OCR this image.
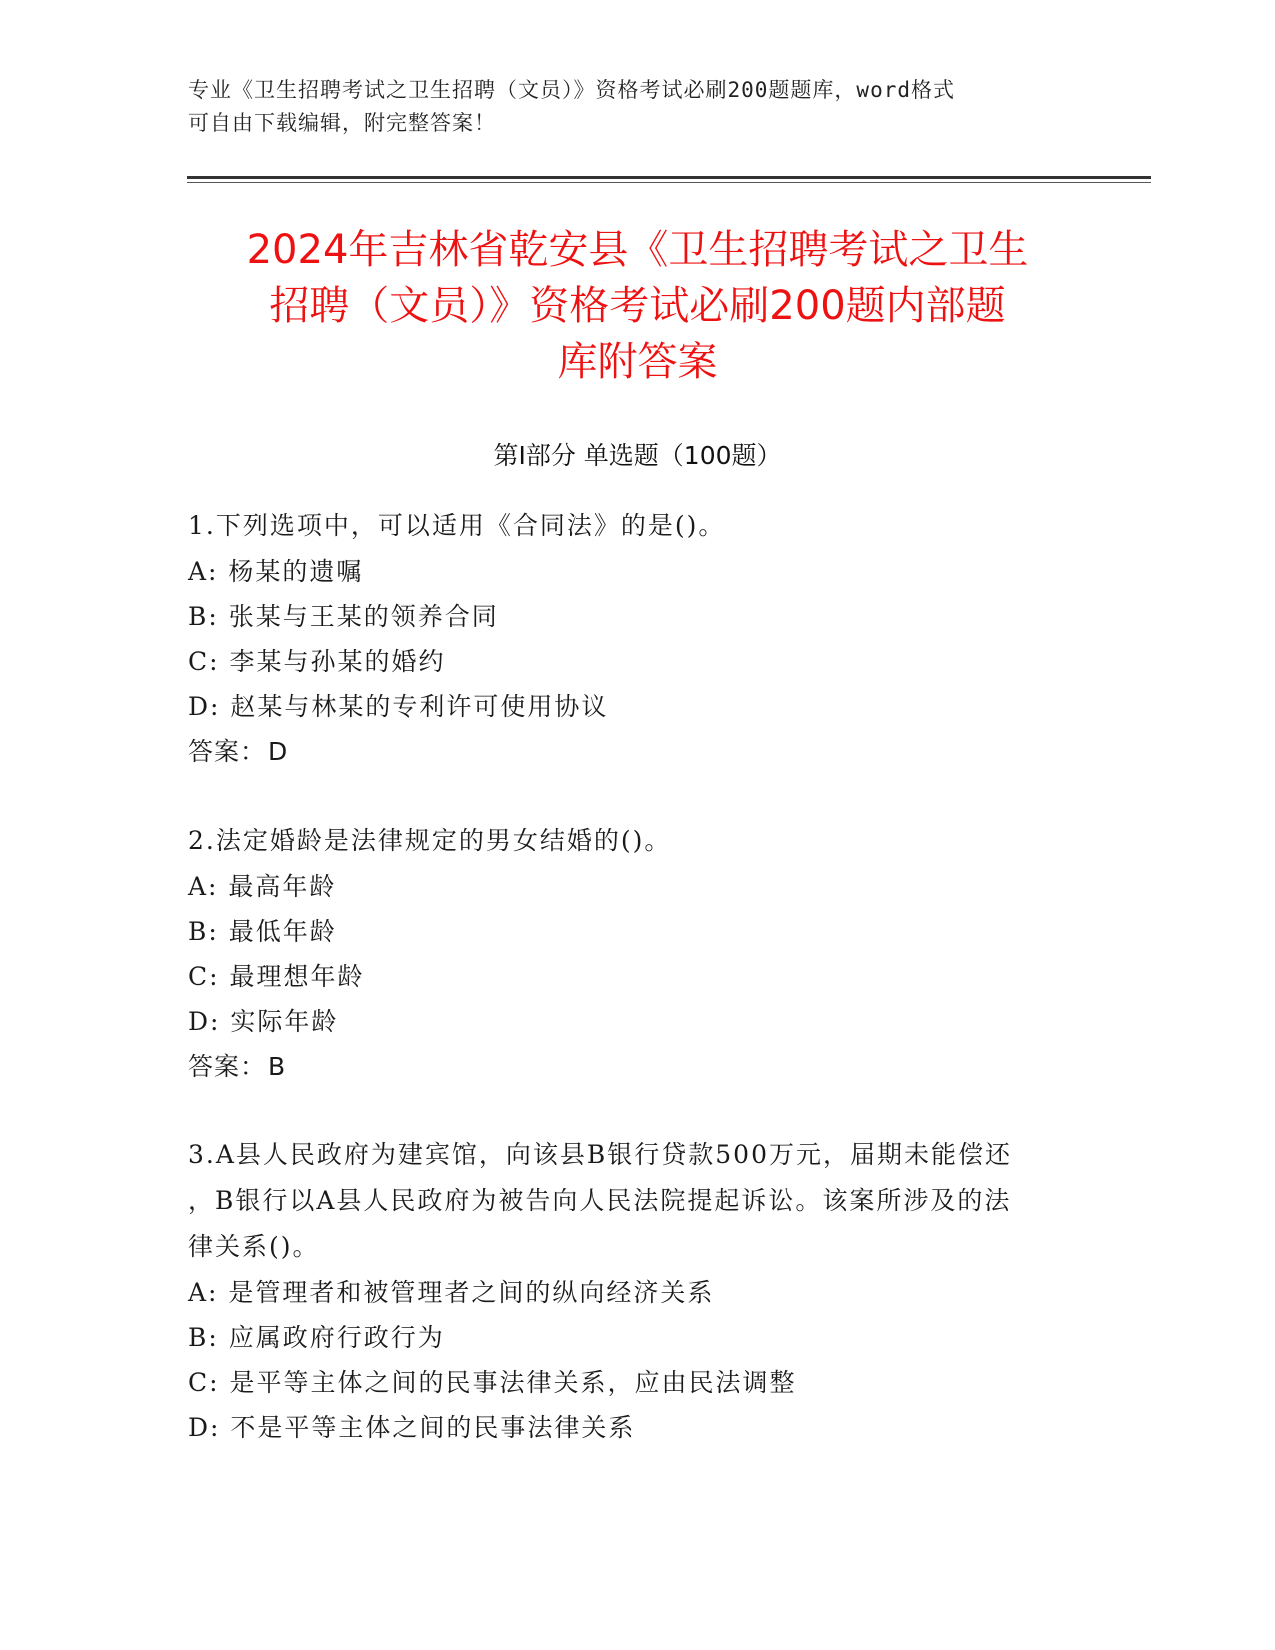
专业《卫生招聘考试之卫生招聘（文员）》资格考试必刷200题题库，word格式
可自由下载编辑，附完整答案！
2024年吉林省乾安县《卫生招聘考试之卫生
招聘（文员）》资格考试必刷200题内部题
库附答案
第Ⅰ部分 单选题（100题）
1.下列选项中，可以适用《合同法》的是()。
A: 杨某的遗嘱
B: 张某与王某的领养合同
C: 李某与孙某的婚约
D: 赵某与林某的专利许可使用协议
答案：D
2.法定婚龄是法律规定的男女结婚的()。
A: 最高年龄
B: 最低年龄
C: 最理想年龄
D: 实际年龄
答案：B
3.A县人民政府为建宾馆，向该县B银行贷款500万元，届期未能偿还
，B银行以A县人民政府为被告向人民法院提起诉讼。该案所涉及的法
律关系()。
A: 是管理者和被管理者之间的纵向经济关系
B: 应属政府行政行为
C: 是平等主体之间的民事法律关系，应由民法调整
D: 不是平等主体之间的民事法律关系
